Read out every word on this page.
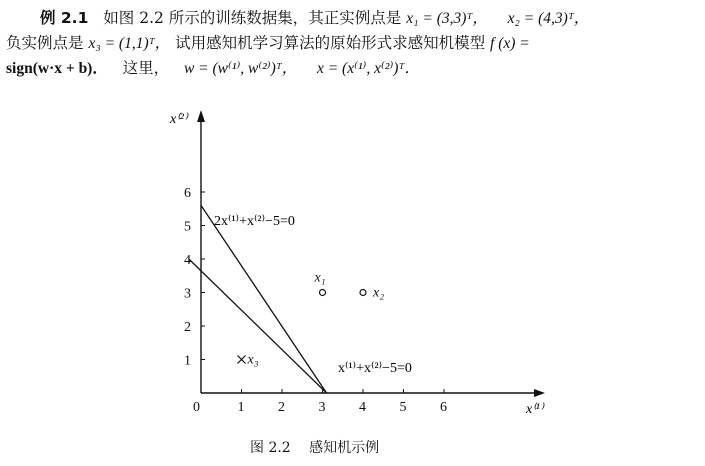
例 2.1 如图 2.2 所示的训练数据集，其正实例点是 x₁ = (3,3)ᵀ， x₂ = (4,3)ᵀ，
负实例点是 x₃ = (1,1)ᵀ， 试用感知机学习算法的原始形式求感知机模型 f (x) =
sign(w·x + b)． 这里， w = (w⁽¹⁾, w⁽²⁾)ᵀ， x = (x⁽¹⁾, x⁽²⁾)ᵀ．
0	1 2 3 4 5 6
1
2
3
4
5
6
x₁
x₂
x₃
x⁽²⁾
x⁽¹⁾
2x⁽¹⁾+x⁽²⁾−5=0
x⁽¹⁾+x⁽²⁾−5=0
图 2.2 感知机示例
